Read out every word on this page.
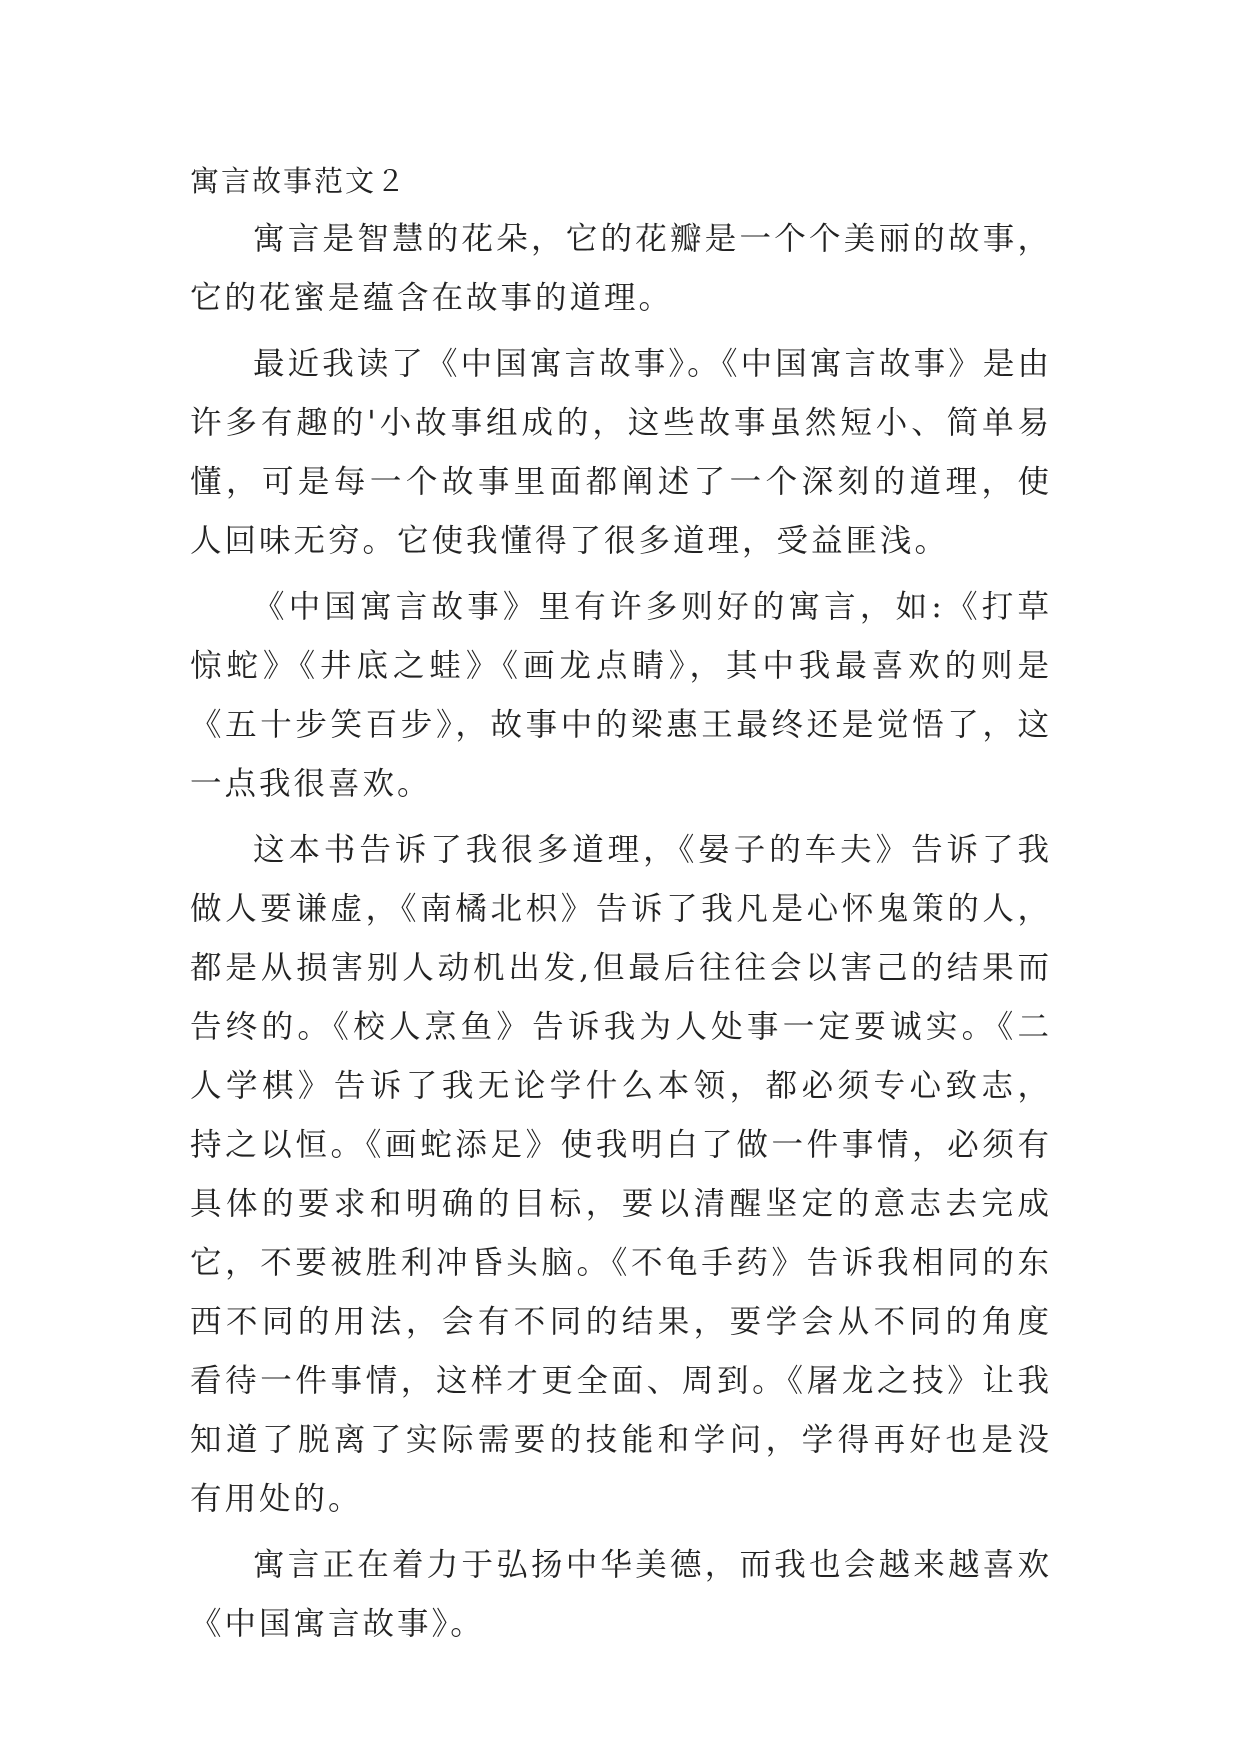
寓言故事范文２

寓言是智慧的花朵，它的花瓣是一个个美丽的故事，它的花蜜是蕴含在故事的道理。

最近我读了《中国寓言故事》。《中国寓言故事》是由许多有趣的'小故事组成的，这些故事虽然短小、简单易懂，可是每一个故事里面都阐述了一个深刻的道理，使人回味无穷。它使我懂得了很多道理，受益匪浅。

《中国寓言故事》里有许多则好的寓言，如:《打草惊蛇》《井底之蛙》《画龙点睛》，其中我最喜欢的则是《五十步笑百步》，故事中的梁惠王最终还是觉悟了，这一点我很喜欢。

这本书告诉了我很多道理，《晏子的车夫》告诉了我做人要谦虚，《南橘北枳》告诉了我凡是心怀鬼策的人，都是从损害别人动机出发,但最后往往会以害己的结果而告终的。《校人烹鱼》告诉我为人处事一定要诚实。《二人学棋》告诉了我无论学什么本领，都必须专心致志，持之以恒。《画蛇添足》使我明白了做一件事情，必须有具体的要求和明确的目标，要以清醒坚定的意志去完成它，不要被胜利冲昏头脑。《不龟手药》告诉我相同的东西不同的用法，会有不同的结果，要学会从不同的角度看待一件事情，这样才更全面、周到。《屠龙之技》让我知道了脱离了实际需要的技能和学问，学得再好也是没有用处的。

寓言正在着力于弘扬中华美德，而我也会越来越喜欢《中国寓言故事》。
